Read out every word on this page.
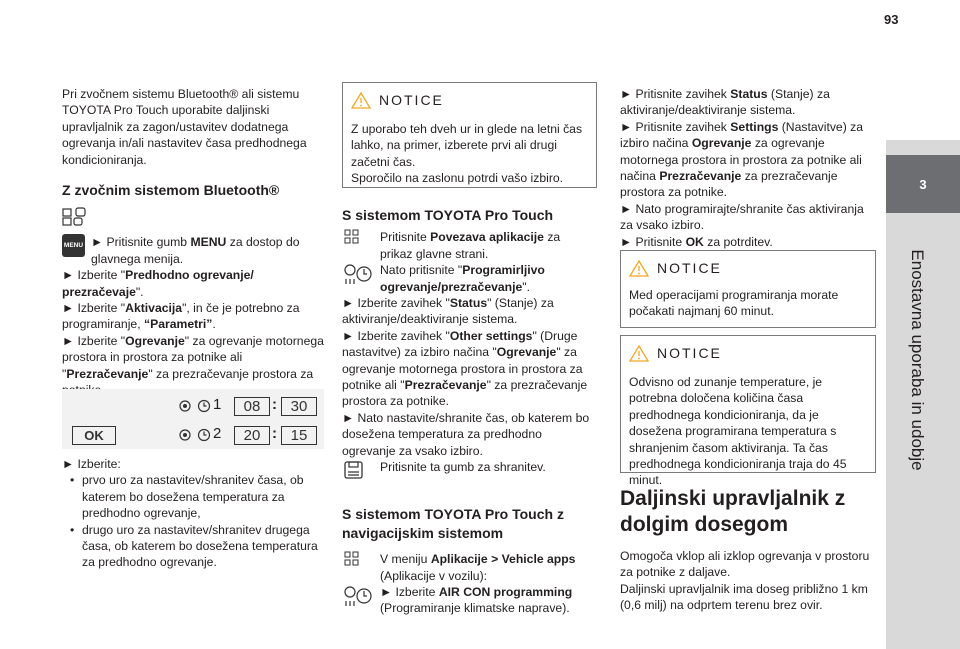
93
3
Enostavna uporaba in udobje

Pri zvočnem sistemu Bluetooth® ali sistemu TOYOTA Pro Touch uporabite daljinski upravljalnik za zagon/ustavitev dodatnega ogrevanja in/ali nastavitev časa predhodnega kondicioniranja.

Z zvočnim sistemom Bluetooth®

MENU ► Pritisnite gumb MENU za dostop do glavnega menija.

► Izberite "Predhodno ogrevanje/ prezračevaje".

► Izberite "Aktivacija", in če je potrebno za programiranje, “Parametri”.

► Izberite "Ogrevanje" za ogrevanje motornega prostora in prostora za potnike ali "Prezračevanje" za prezračevanje prostora za

OK
1	08 : 30
2	20 : 15

► Izberite:

• prvo uro za nastavitev/shranitev časa, ob katerem bo dosežena temperatura za predhodno ogrevanje,

• drugo uro za nastavitev/shranitev drugega časa, ob katerem bo dosežena temperatura za predhodno ogrevanje.

NOTICE

Z uporabo teh dveh ur in glede na letni čas lahko, na primer, izberete prvi ali drugi začetni čas.
Sporočilo na zaslonu potrdi vašo izbiro.

S sistemom TOYOTA Pro Touch

Pritisnite Povezava aplikacije za prikaz glavne strani.

Nato pritisnite "Programirljivo ogrevanje/prezračevanje".

► Izberite zavihek "Status" (Stanje) za aktiviranje/deaktiviranje sistema.

► Izberite zavihek "Other settings" (Druge nastavitve) za izbiro načina "Ogrevanje" za ogrevanje motornega prostora in prostora za potnike ali "Prezračevanje" za prezračevanje prostora za potnike.

► Nato nastavite/shranite čas, ob katerem bo dosežena temperatura za predhodno ogrevanje za vsako izbiro.

Pritisnite ta gumb za shranitev.

S sistemom TOYOTA Pro Touch z navigacijskim sistemom

V meniju Aplikacije > Vehicle apps (Aplikacije v vozilu):

► Izberite AIR CON programming (Programiranje klimatske naprave).

► Pritisnite zavihek Status (Stanje) za aktiviranje/deaktiviranje sistema.

► Pritisnite zavihek Settings (Nastavitve) za izbiro načina Ogrevanje za ogrevanje motornega prostora in prostora za potnike ali načina Prezračevanje za prezračevanje prostora za potnike.

► Nato programirajte/shranite čas aktiviranja za vsako izbiro.

► Pritisnite OK za potrditev.

NOTICE

Med operacijami programiranja morate počakati najmanj 60 minut.

NOTICE

Odvisno od zunanje temperature, je potrebna določena količina časa predhodnega kondicioniranja, da je dosežena programirana temperatura s shranjenim časom aktiviranja. Ta čas predhodnega kondicioniranja traja do 45 minut.

Daljinski upravljalnik z dolgim dosegom

Omogoča vklop ali izklop ogrevanja v prostoru za potnike z daljave.
Daljinski upravljalnik ima doseg približno 1 km (0,6 milj) na odprtem terenu brez ovir.
